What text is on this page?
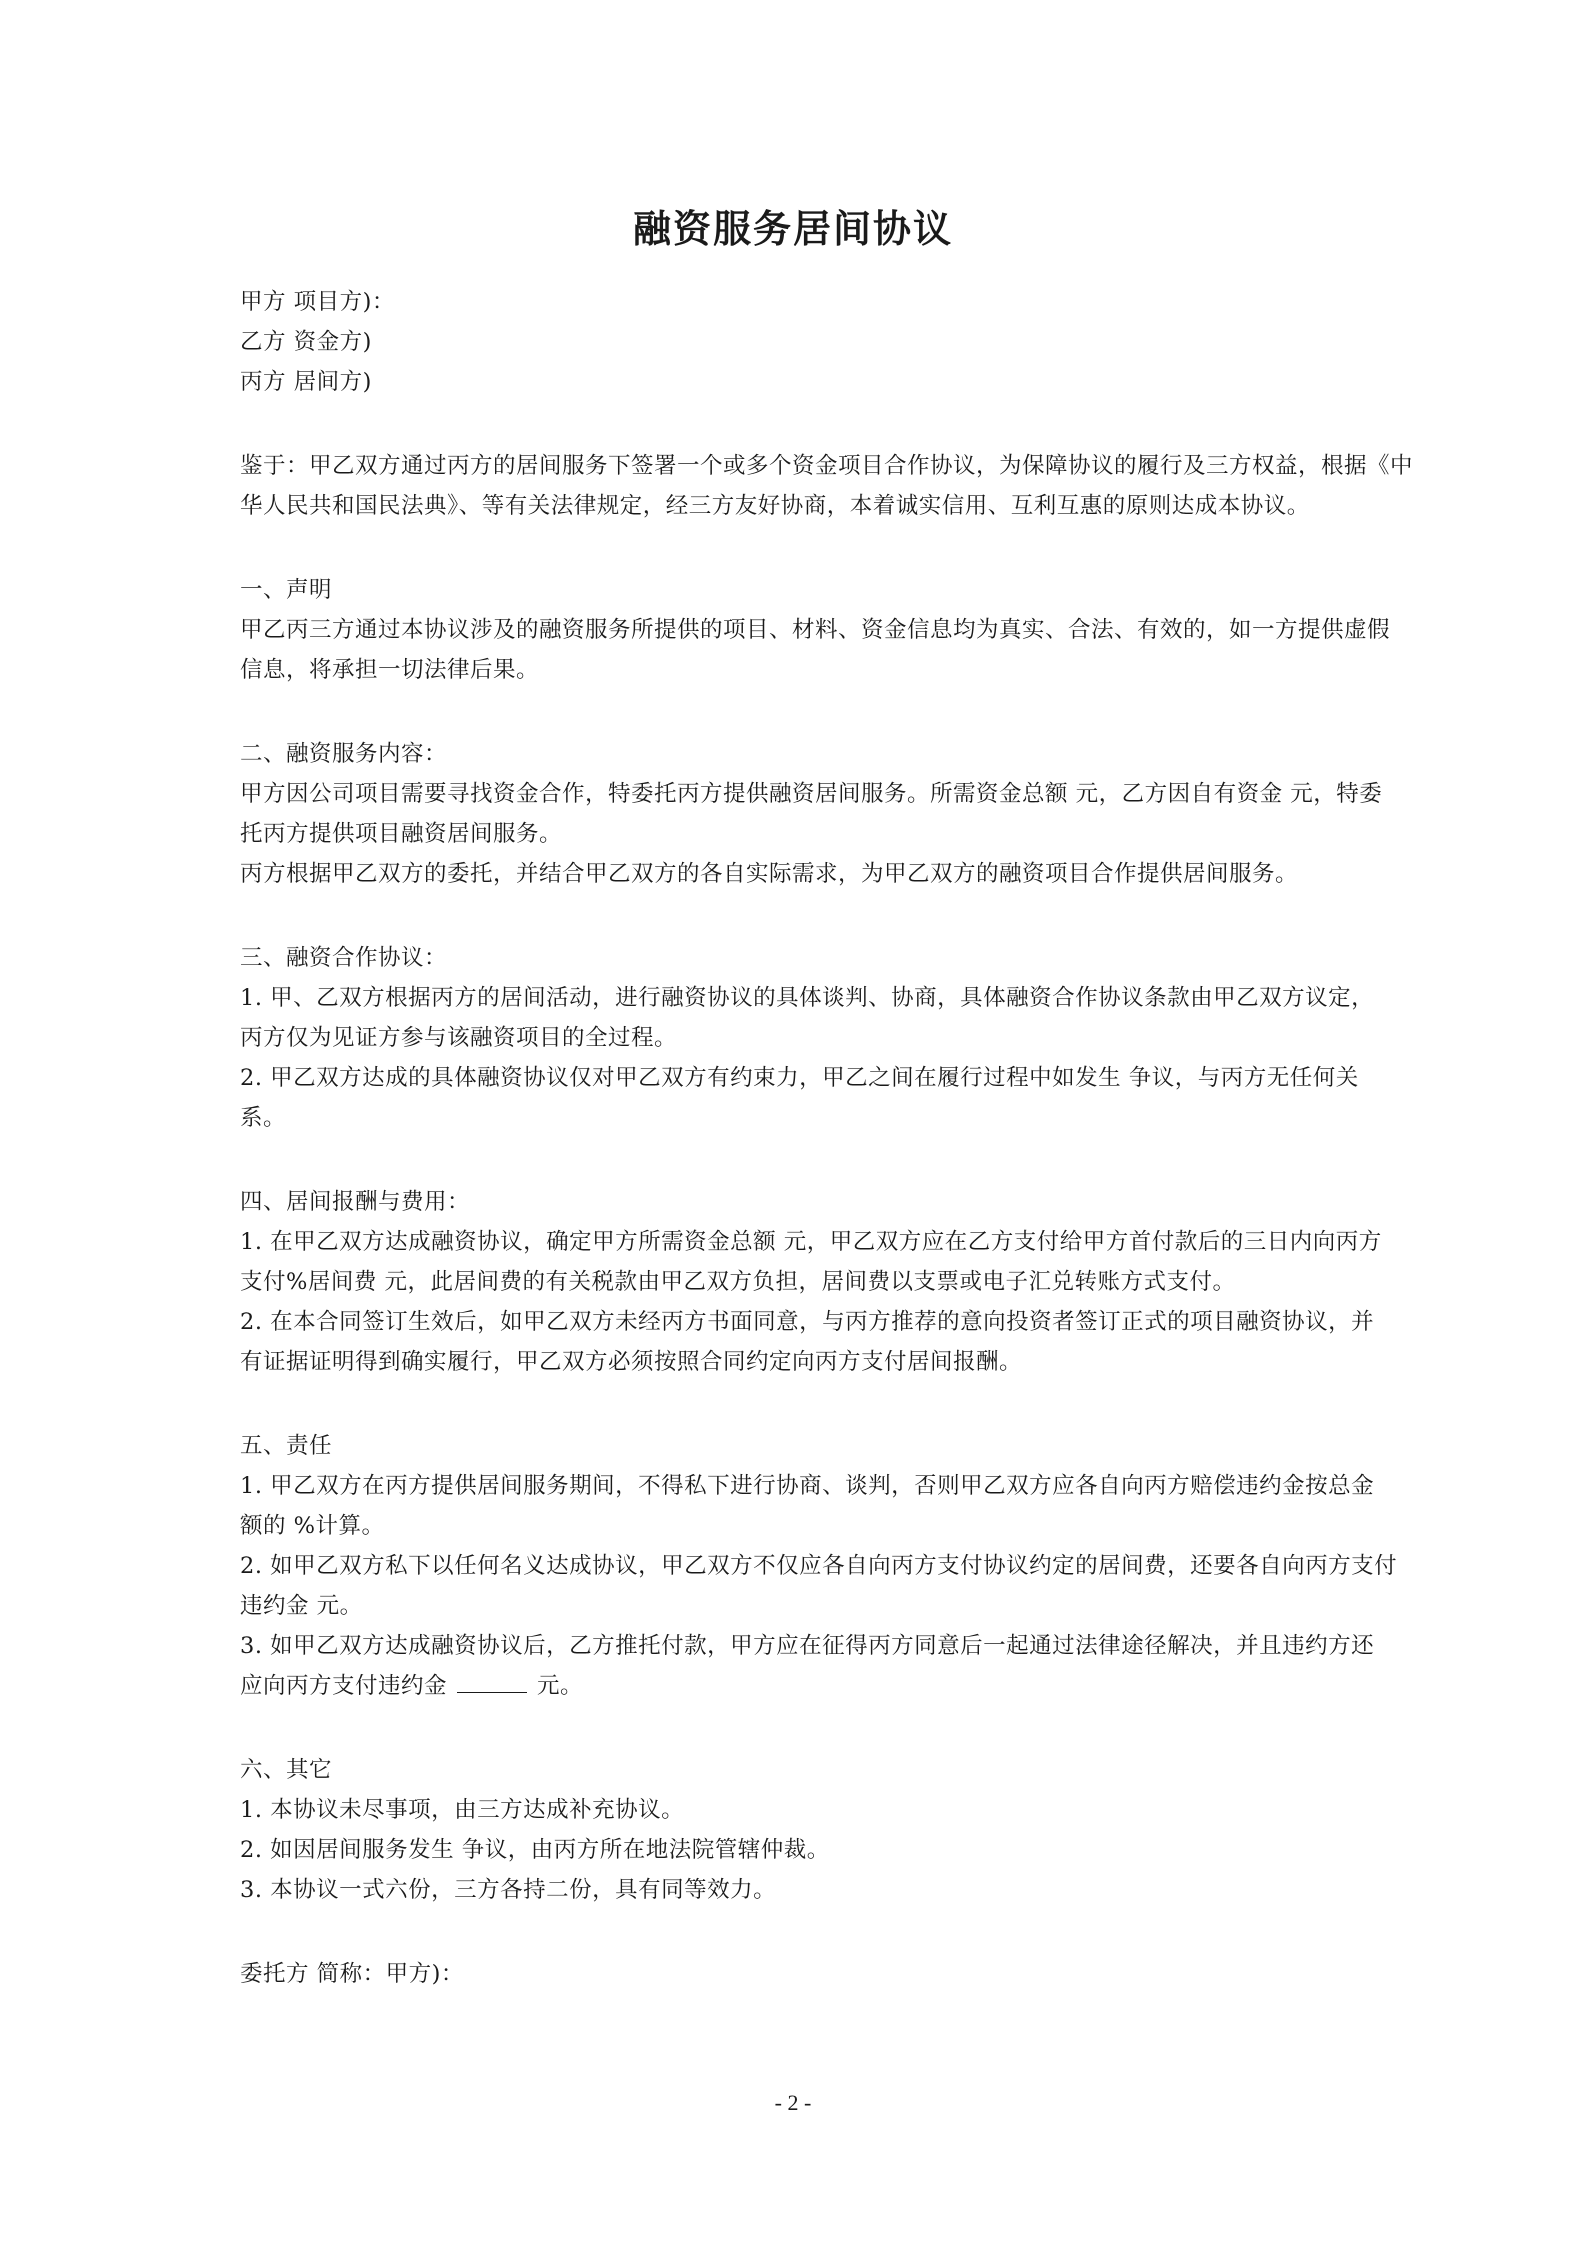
融资服务居间协议
甲方 项目方)：
乙方 资金方)
丙方 居间方)
鉴于：甲乙双方通过丙方的居间服务下签署一个或多个资金项目合作协议，为保障协议的履行及三方权益，根据《中
华人民共和国民法典》、等有关法律规定，经三方友好协商，本着诚实信用、互利互惠的原则达成本协议。
一、声明
甲乙丙三方通过本协议涉及的融资服务所提供的项目、材料、资金信息均为真实、合法、有效的，如一方提供虚假
信息，将承担一切法律后果。
二、融资服务内容：
甲方因公司项目需要寻找资金合作，特委托丙方提供融资居间服务。所需资金总额 元，乙方因自有资金 元，特委
托丙方提供项目融资居间服务。
丙方根据甲乙双方的委托，并结合甲乙双方的各自实际需求，为甲乙双方的融资项目合作提供居间服务。
三、融资合作协议：
1. 甲、乙双方根据丙方的居间活动，进行融资协议的具体谈判、协商，具体融资合作协议条款由甲乙双方议定，
丙方仅为见证方参与该融资项目的全过程。
2. 甲乙双方达成的具体融资协议仅对甲乙双方有约束力，甲乙之间在履行过程中如发生 争议，与丙方无任何关
系。
四、居间报酬与费用：
1. 在甲乙双方达成融资协议，确定甲方所需资金总额 元，甲乙双方应在乙方支付给甲方首付款后的三日内向丙方
支付%居间费 元，此居间费的有关税款由甲乙双方负担，居间费以支票或电子汇兑转账方式支付。
2. 在本合同签订生效后，如甲乙双方未经丙方书面同意，与丙方推荐的意向投资者签订正式的项目融资协议，并
有证据证明得到确实履行，甲乙双方必须按照合同约定向丙方支付居间报酬。
五、责任
1. 甲乙双方在丙方提供居间服务期间，不得私下进行协商、谈判，否则甲乙双方应各自向丙方赔偿违约金按总金
额的 %计算。
2. 如甲乙双方私下以任何名义达成协议，甲乙双方不仅应各自向丙方支付协议约定的居间费，还要各自向丙方支付
违约金 元。
3. 如甲乙双方达成融资协议后，乙方推托付款，甲方应在征得丙方同意后一起通过法律途径解决，并且违约方还
应向丙方支付违约金	元。
六、其它
1. 本协议未尽事项，由三方达成补充协议。
2. 如因居间服务发生 争议，由丙方所在地法院管辖仲裁。
3. 本协议一式六份，三方各持二份，具有同等效力。
委托方 简称：甲方)：
- 2 -
